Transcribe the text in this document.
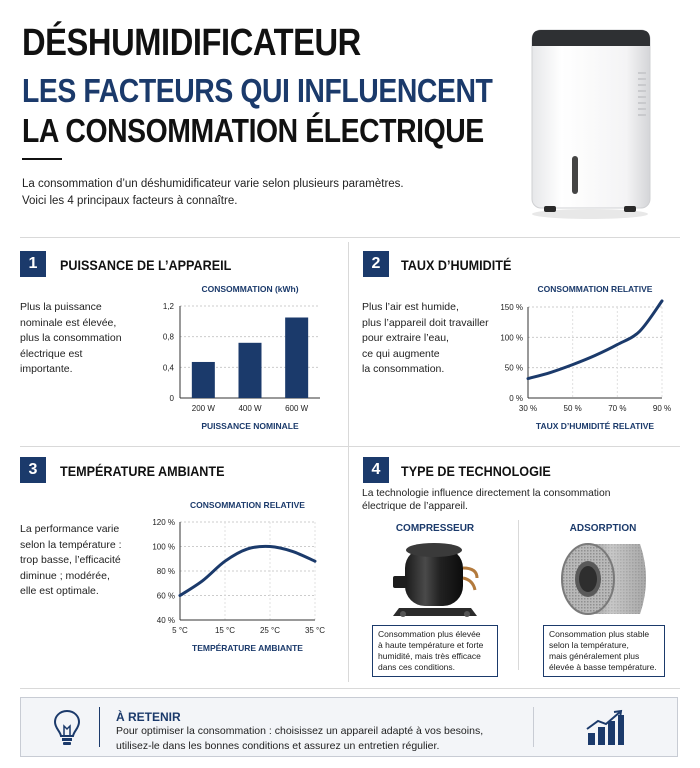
DÉSHUMIDIFICATEUR
LES FACTEURS QUI INFLUENCENT
LA CONSOMMATION ÉLECTRIQUE
La consommation d’un déshumidificateur varie selon plusieurs paramètres.
Voici les 4 principaux facteurs à connaître.
1	PUISSANCE DE L’APPAREIL
Plus la puissance
nominale est élevée,
plus la consommation
électrique est
importante.
CONSOMMATION (kWh)
0
0,4
0,8
1,2
200 W	400 W	600 W
PUISSANCE NOMINALE
2	TAUX D’HUMIDITÉ
Plus l’air est humide,
plus l’appareil doit travailler
pour extraire l’eau,
ce qui augmente
la consommation.
CONSOMMATION RELATIVE
0 %
50 %
100 %
150 %
30 %	50 %	70 %	90 %
TAUX D’HUMIDITÉ RELATIVE
3	TEMPÉRATURE AMBIANTE
La performance varie
selon la température :
trop basse, l’efficacité
diminue ; modérée,
elle est optimale.
CONSOMMATION RELATIVE
40 %
60 %
80 %
100 %
120 %
5 °C	15 °C	25 °C	35 °C
TEMPÉRATURE AMBIANTE
4	TYPE DE TECHNOLOGIE
La technologie influence directement la consommation
électrique de l’appareil.
COMPRESSEUR	ADSORPTION
Consommation plus élevée
à haute température et forte
humidité, mais très efficace
dans ces conditions.
Consommation plus stable
selon la température,
mais généralement plus
élevée à basse température.
À RETENIR
Pour optimiser la consommation : choisissez un appareil adapté à vos besoins,
utilisez-le dans les bonnes conditions et assurez un entretien régulier.
